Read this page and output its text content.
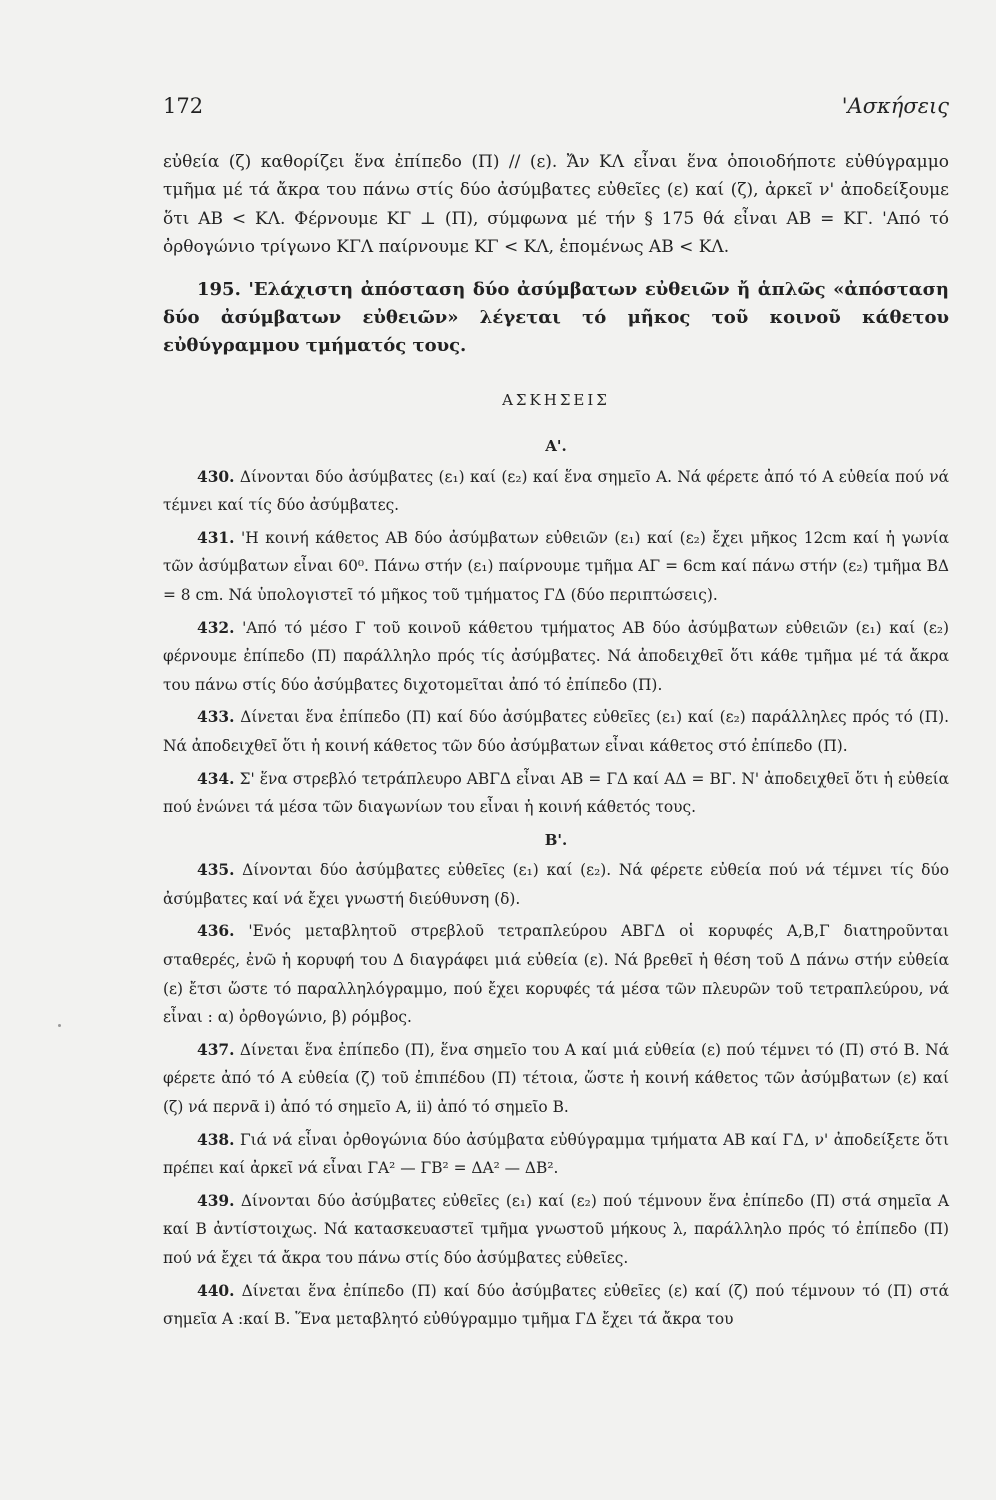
172	'Ασκήσεις

εὐθεία (ζ) καθορίζει ἕνα ἐπίπεδο (Π) // (ε). Ἄν ΚΛ εἶναι ἕνα ὁποιοδήποτε εὐθύγραμμο τμῆμα μέ τά ἄκρα του πάνω στίς δύο ἀσύμβατες εὐθεῖες (ε) καί (ζ), ἀρκεῖ ν' ἀποδείξουμε ὅτι ΑΒ < ΚΛ. Φέρνουμε ΚΓ ⊥ (Π), σύμφωνα μέ τήν § 175 θά εἶναι ΑΒ = ΚΓ. 'Από τό ὀρθογώνιο τρίγωνο ΚΓΛ παίρνουμε ΚΓ < ΚΛ, ἑπομένως ΑΒ < ΚΛ.

195. 'Ελάχιστη ἀπόσταση δύο ἀσύμβατων εὐθειῶν ἤ ἁπλῶς «ἀπόσταση δύο ἀσύμβατων εὐθειῶν» λέγεται τό μῆκος τοῦ κοινοῦ κάθετου εὐθύγραμμου τμήματός τους.

ΑΣΚΗΣΕΙΣ

Α'.

430. Δίνονται δύο ἀσύμβατες (ε₁) καί (ε₂) καί ἕνα σημεῖο Α. Νά φέρετε ἀπό τό Α εὐθεία πού νά τέμνει καί τίς δύο ἀσύμβατες.

431. 'Η κοινή κάθετος ΑΒ δύο ἀσύμβατων εὐθειῶν (ε₁) καί (ε₂) ἔχει μῆκος 12cm καί ἡ γωνία τῶν ἀσύμβατων εἶναι 60⁰. Πάνω στήν (ε₁) παίρνουμε τμῆμα ΑΓ = 6cm καί πάνω στήν (ε₂) τμῆμα ΒΔ = 8 cm. Νά ὑπολογιστεῖ τό μῆκος τοῦ τμήματος ΓΔ (δύο περιπτώσεις).

432. 'Από τό μέσο Γ τοῦ κοινοῦ κάθετου τμήματος ΑΒ δύο ἀσύμβατων εὐθειῶν (ε₁) καί (ε₂) φέρνουμε ἐπίπεδο (Π) παράλληλο πρός τίς ἀσύμβατες. Νά ἀποδειχθεῖ ὅτι κάθε τμῆμα μέ τά ἄκρα του πάνω στίς δύο ἀσύμβατες διχοτομεῖται ἀπό τό ἐπίπεδο (Π).

433. Δίνεται ἕνα ἐπίπεδο (Π) καί δύο ἀσύμβατες εὐθεῖες (ε₁) καί (ε₂) παράλληλες πρός τό (Π). Νά ἀποδειχθεῖ ὅτι ἡ κοινή κάθετος τῶν δύο ἀσύμβατων εἶναι κάθετος στό ἐπίπεδο (Π).

434. Σ' ἕνα στρεβλό τετράπλευρο ΑΒΓΔ εἶναι ΑΒ = ΓΔ καί ΑΔ = ΒΓ. Ν' ἀποδειχθεῖ ὅτι ἡ εὐθεία πού ἑνώνει τά μέσα τῶν διαγωνίων του εἶναι ἡ κοινή κάθετός τους.

Β'.

435. Δίνονται δύο ἀσύμβατες εὐθεῖες (ε₁) καί (ε₂). Νά φέρετε εὐθεία πού νά τέμνει τίς δύο ἀσύμβατες καί νά ἔχει γνωστή διεύθυνση (δ).

436. 'Ενός μεταβλητοῦ στρεβλοῦ τετραπλεύρου ΑΒΓΔ οἱ κορυφές Α,Β,Γ διατηροῦνται σταθερές, ἐνῶ ἡ κορυφή του Δ διαγράφει μιά εὐθεία (ε). Νά βρεθεῖ ἡ θέση τοῦ Δ πάνω στήν εὐθεία (ε) ἔτσι ὥστε τό παραλληλόγραμμο, πού ἔχει κορυφές τά μέσα τῶν πλευρῶν τοῦ τετραπλεύρου, νά εἶναι : α) ὀρθογώνιο, β) ρόμβος.

437. Δίνεται ἕνα ἐπίπεδο (Π), ἕνα σημεῖο του Α καί μιά εὐθεία (ε) πού τέμνει τό (Π) στό Β. Νά φέρετε ἀπό τό Α εὐθεία (ζ) τοῦ ἐπιπέδου (Π) τέτοια, ὥστε ἡ κοινή κάθετος τῶν ἀσύμβατων (ε) καί (ζ) νά περνᾶ i) ἀπό τό σημεῖο Α, ii) ἀπό τό σημεῖο Β.

438. Γιά νά εἶναι ὀρθογώνια δύο ἀσύμβατα εὐθύγραμμα τμήματα ΑΒ καί ΓΔ, ν' ἀποδείξετε ὅτι πρέπει καί ἀρκεῖ νά εἶναι ΓΑ² — ΓΒ² = ΔΑ² — ΔΒ².

439. Δίνονται δύο ἀσύμβατες εὐθεῖες (ε₁) καί (ε₂) πού τέμνουν ἕνα ἐπίπεδο (Π) στά σημεῖα Α καί Β ἀντίστοιχως. Νά κατασκευαστεῖ τμῆμα γνωστοῦ μήκους λ, παράλληλο πρός τό ἐπίπεδο (Π) πού νά ἔχει τά ἄκρα του πάνω στίς δύο ἀσύμβατες εὐθεῖες.

440. Δίνεται ἕνα ἐπίπεδο (Π) καί δύο ἀσύμβατες εὐθεῖες (ε) καί (ζ) πού τέμνουν τό (Π) στά σημεῖα Α :καί Β. Ἕνα μεταβλητό εὐθύγραμμο τμῆμα ΓΔ ἔχει τά ἄκρα του
